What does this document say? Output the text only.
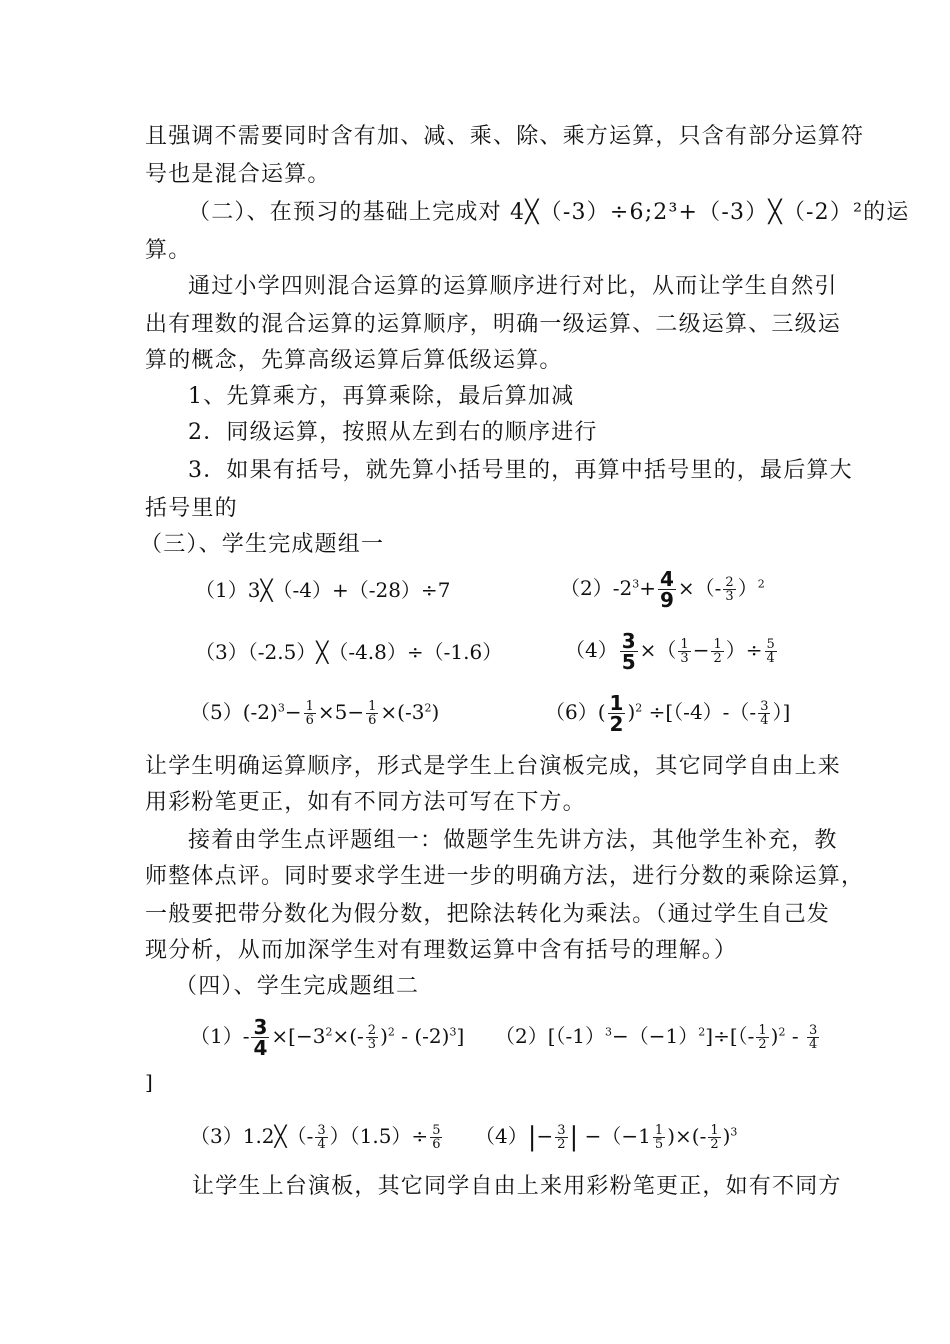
且强调不需要同时含有加、减、乘、除、乘方运算，只含有部分运算符
号也是混合运算。
（二）、在预习的基础上完成对 4╳（-3）÷6;2³+（-3）╳（-2）²的运
算。
通过小学四则混合运算的运算顺序进行对比，从而让学生自然引
出有理数的混合运算的运算顺序，明确一级运算、二级运算、三级运
算的概念，先算高级运算后算低级运算。
1、先算乘方，再算乘除，最后算加减
2．同级运算，按照从左到右的顺序进行
3．如果有括号，就先算小括号里的，再算中括号里的，最后算大
括号里的
（三）、学生完成题组一
（1）3╳（-4）+（-28）÷7	$(2)-2^3+ \frac{4}{9}$ ×（- $\frac{2}{3} )^2$
（3）（-2.5）╳（-4.8）÷（-1.6）	$(4) \frac{3}{5}$ ×（ $\frac{1}{3} - \frac{1}{2}$ ）÷ $\frac{5}{4}$
$(5)(-2)^3- \frac{1}{6} \times 5- \frac{1}{6} \times(-3^2)$	$(6)( \frac{1}{2} )^2 \div[(-4)-(- \frac{3}{4}$ ）]
让学生明确运算顺序，形式是学生上台演板完成，其它同学自由上来
用彩粉笔更正，如有不同方法可写在下方。
接着由学生点评题组一：做题学生先讲方法，其他学生补充，教
师整体点评。同时要求学生进一步的明确方法，进行分数的乘除运算，
一般要把带分数化为假分数，把除法转化为乘法。（通过学生自己发
现分析，从而加深学生对有理数运算中含有括号的理解。）
（四）、学生完成题组二
$(1)- \frac{3}{4} \times[-3^2\times(- \frac{2}{3} )^2 - (-2)^3]$ $(2)[(-1)^3-(-1)^2]\div[(- \frac{1}{2} )^2 - \frac{3}{4}$
]
（3）1.2╳（- $\frac{3}{4} )(1.5)\div \frac{5}{6} (4)|- \frac{3}{2}$ | $-(-1 \frac{1}{5}$ )×(- $\frac{1}{2} )^3$
让学生上台演板，其它同学自由上来用彩粉笔更正，如有不同方
